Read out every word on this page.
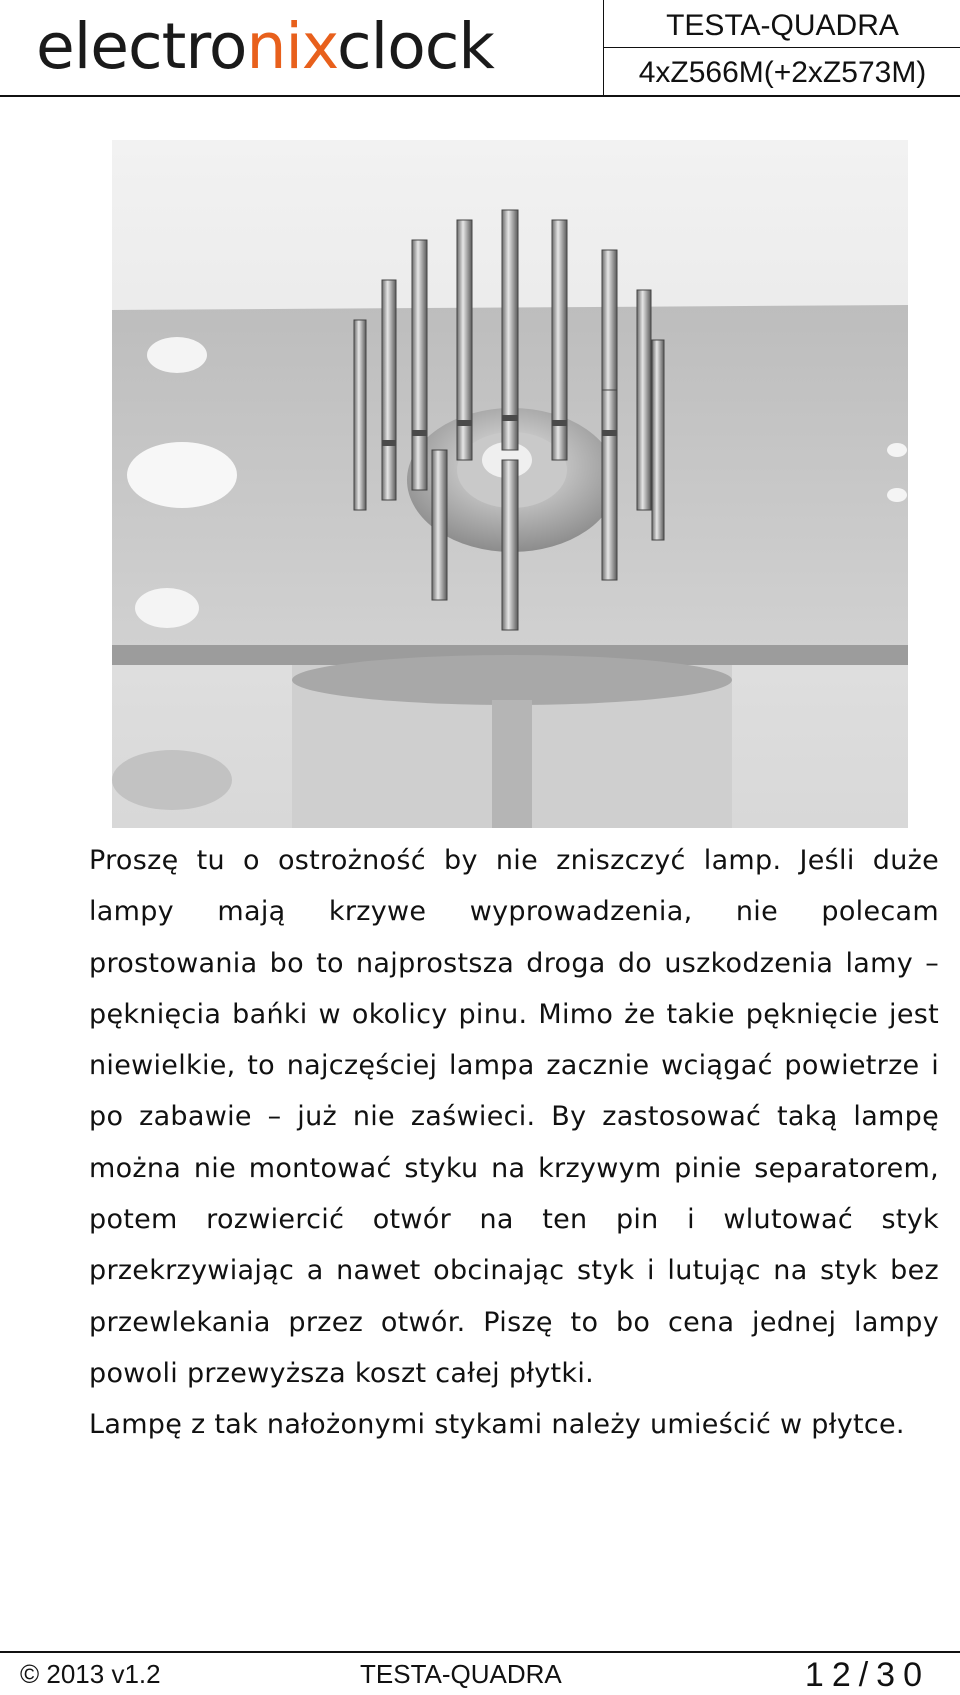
electronixclock	TESTA-QUADRA
4xZ566M(+2xZ573M)

Proszę tu o ostrożność by nie zniszczyć lamp. Jeśli duże lampy mają krzywe wyprowadzenia, nie polecam prostowania bo to najprostsza droga do uszkodzenia lamy – pęknięcia bańki w okolicy pinu. Mimo że takie pęknięcie jest niewielkie, to najczęściej lampa zacznie wciągać powietrze i po zabawie – już nie zaświeci. By zastosować taką lampę można nie montować styku na krzywym pinie separatorem, potem rozwiercić otwór na ten pin i wlutować styk przekrzywiając a nawet obcinając styk i lutując na styk bez przewlekania przez otwór. Piszę to bo cena jednej lampy powoli przewyższa koszt całej płytki.

Lampę z tak nałożonymi stykami należy umieścić w płytce.

© 2013 v1.2	TESTA-QUADRA	12/30
